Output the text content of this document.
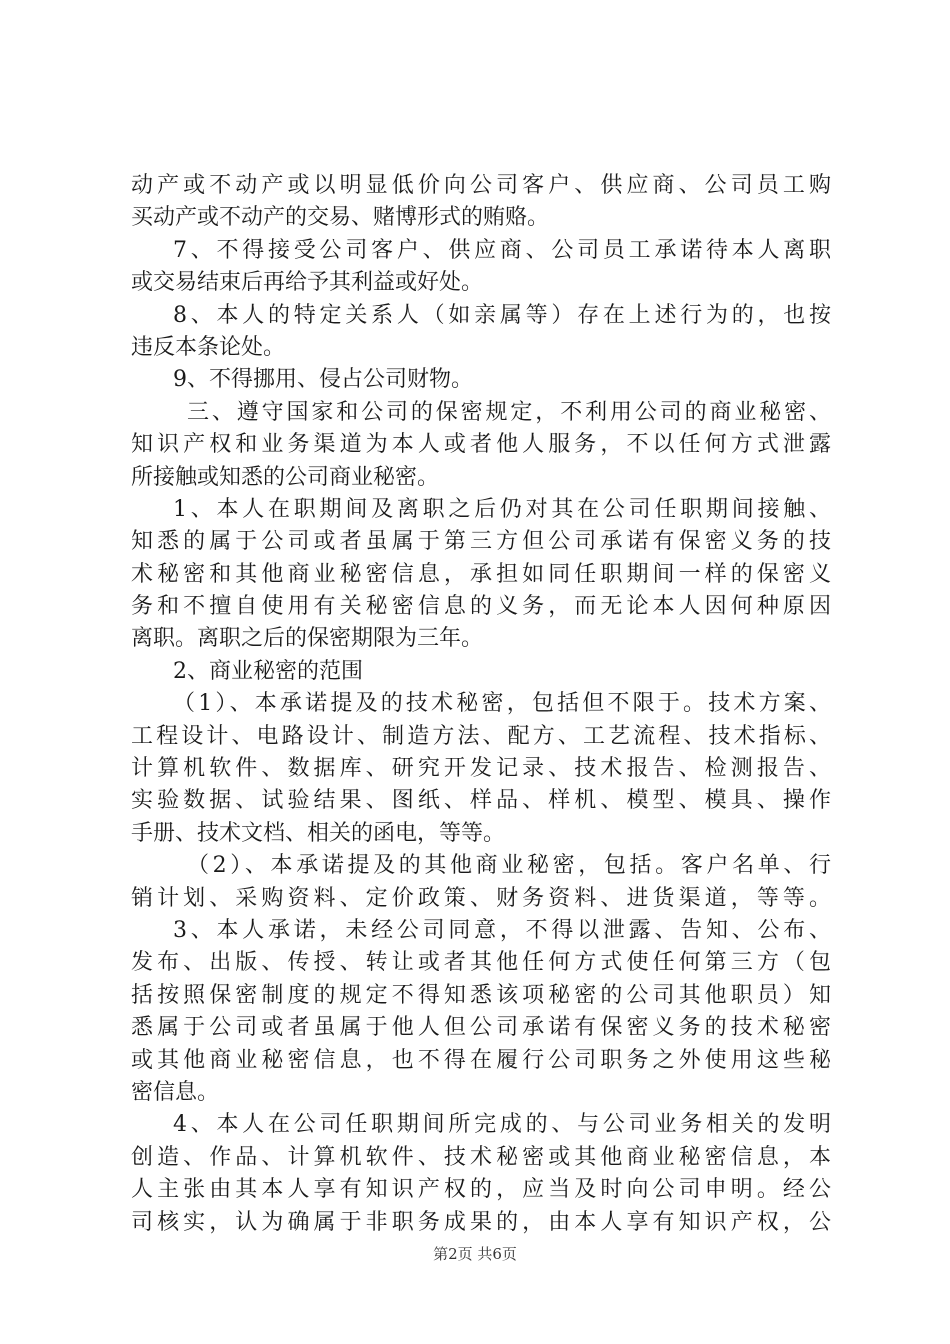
动产或不动产或以明显低价向公司客户、供应商、公司员工购
买动产或不动产的交易、赌博形式的贿赂。
7、不得接受公司客户、供应商、公司员工承诺待本人离职
或交易结束后再给予其利益或好处。
8、本人的特定关系人（如亲属等）存在上述行为的，也按
违反本条论处。
9、不得挪用、侵占公司财物。
三、遵守国家和公司的保密规定，不利用公司的商业秘密、
知识产权和业务渠道为本人或者他人服务，不以任何方式泄露
所接触或知悉的公司商业秘密。
1、本人在职期间及离职之后仍对其在公司任职期间接触、
知悉的属于公司或者虽属于第三方但公司承诺有保密义务的技
术秘密和其他商业秘密信息，承担如同任职期间一样的保密义
务和不擅自使用有关秘密信息的义务，而无论本人因何种原因
离职。离职之后的保密期限为三年。
2、商业秘密的范围
（1）、本承诺提及的技术秘密，包括但不限于。技术方案、
工程设计、电路设计、制造方法、配方、工艺流程、技术指标、
计算机软件、数据库、研究开发记录、技术报告、检测报告、
实验数据、试验结果、图纸、样品、样机、模型、模具、操作
手册、技术文档、相关的函电，等等。
（2）、本承诺提及的其他商业秘密，包括。客户名单、行
销计划、采购资料、定价政策、财务资料、进货渠道，等等。
3、本人承诺，未经公司同意，不得以泄露、告知、公布、
发布、出版、传授、转让或者其他任何方式使任何第三方（包
括按照保密制度的规定不得知悉该项秘密的公司其他职员）知
悉属于公司或者虽属于他人但公司承诺有保密义务的技术秘密
或其他商业秘密信息，也不得在履行公司职务之外使用这些秘
密信息。
4、本人在公司任职期间所完成的、与公司业务相关的发明
创造、作品、计算机软件、技术秘密或其他商业秘密信息，本
人主张由其本人享有知识产权的，应当及时向公司申明。经公
司核实，认为确属于非职务成果的，由本人享有知识产权，公
第2页 共6页
